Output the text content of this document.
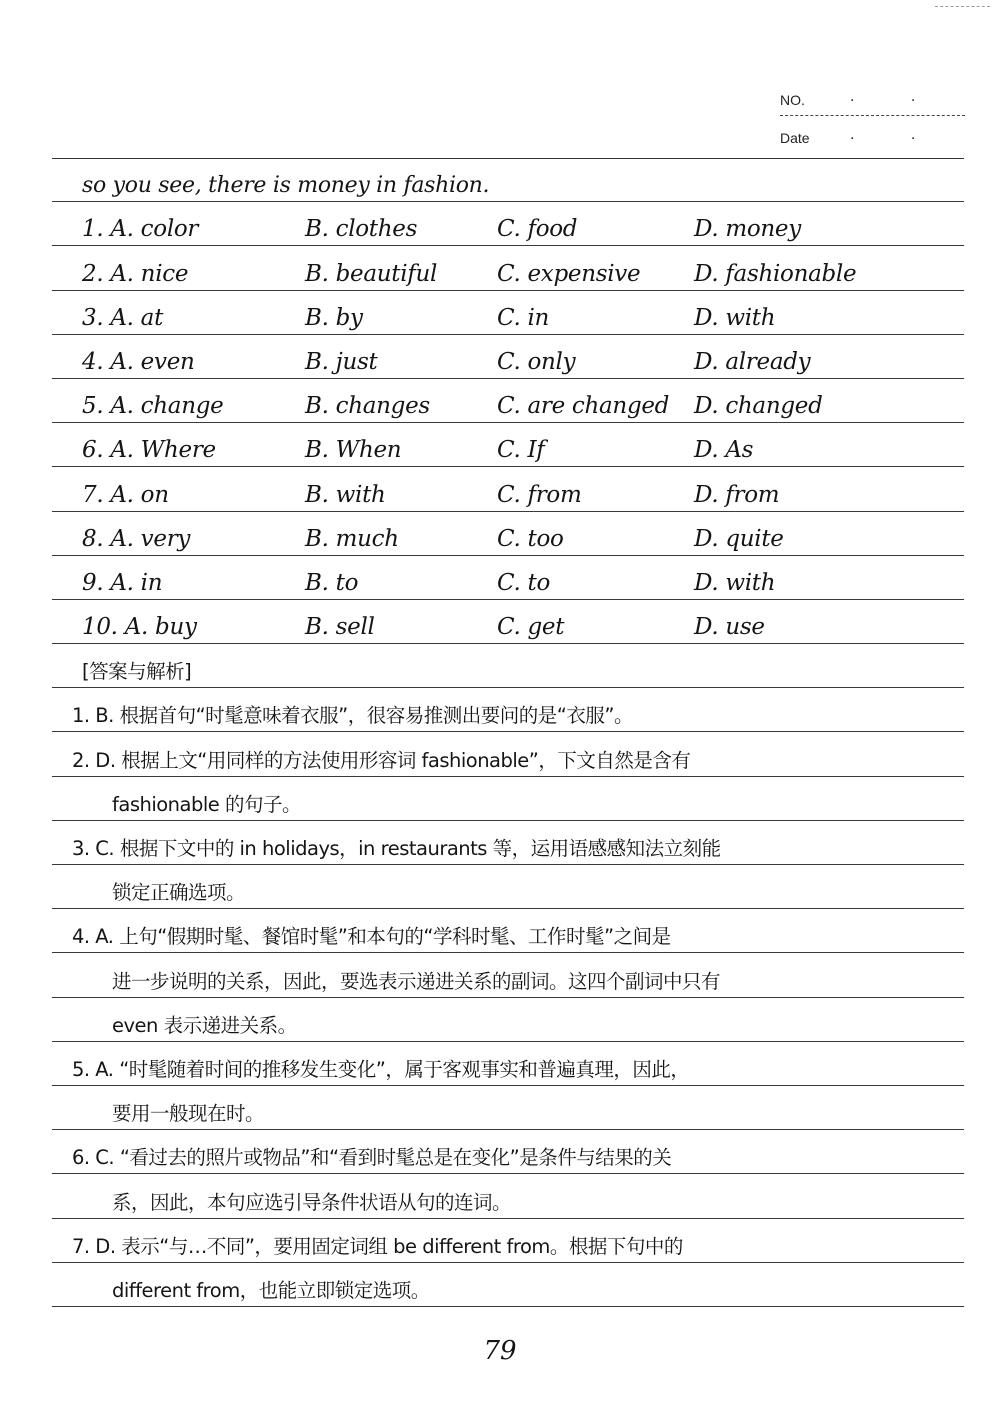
NO.	. .
Date	. .
so you see, there is money in fashion.
1. A. color	B. clothes	C. food	D. money
2. A. nice	B. beautiful	C. expensive D. fashionable
3. A. at	B. by	C. in	D. with
4. A. even	B. just	C. only	D. already
5. A. change	B. changes	C. are changed D. changed
6. A. Where	B. When	C. If	D. As
7. A. on	B. with	C. from	D. from
8. A. very	B. much	C. too	D. quite
9. A. in	B. to	C. to	D. with
10. A. buy	B. sell	C. get	D. use
[答案与解析]
1. B. 根据首句“时髦意味着衣服”，很容易推测出要问的是“衣服”。
2. D. 根据上文“用同样的方法使用形容词 fashionable”，下文自然是含有
fashionable 的句子。
3. C. 根据下文中的 in holidays，in restaurants 等，运用语感感知法立刻能
锁定正确选项。
4. A. 上句“假期时髦、餐馆时髦”和本句的“学科时髦、工作时髦”之间是
进一步说明的关系，因此，要选表示递进关系的副词。这四个副词中只有
even 表示递进关系。
5. A. “时髦随着时间的推移发生变化”，属于客观事实和普遍真理，因此，
要用一般现在时。
6. C. “看过去的照片或物品”和“看到时髦总是在变化”是条件与结果的关
系，因此，本句应选引导条件状语从句的连词。
7. D. 表示“与…不同”，要用固定词组 be different from。根据下句中的
different from，也能立即锁定选项。
79
